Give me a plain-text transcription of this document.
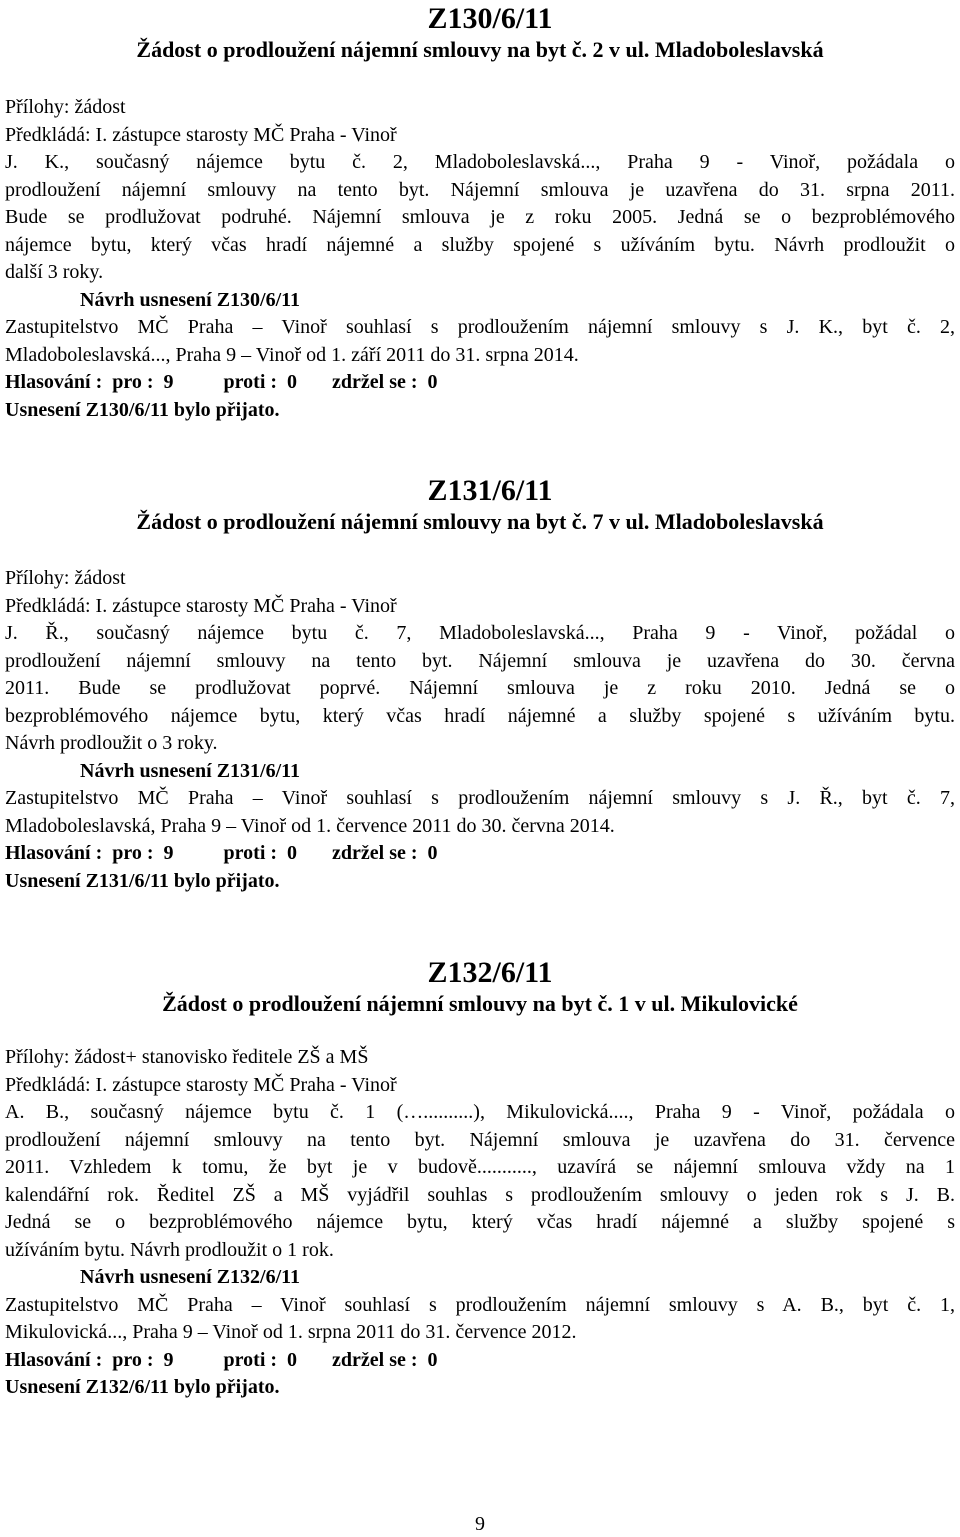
Z130/6/11
Žádost o prodloužení nájemní smlouvy na byt č. 2 v ul. Mladoboleslavská
Přílohy: žádost
Předkládá: I. zástupce starosty MČ Praha - Vinoř
J. K., současný nájemce bytu č. 2, Mladoboleslavská..., Praha 9 - Vinoř, požádala o
prodloužení nájemní smlouvy na tento byt. Nájemní smlouva je uzavřena do 31. srpna 2011.
Bude se prodlužovat podruhé. Nájemní smlouva je z roku 2005. Jedná se o bezproblémového
nájemce bytu, který včas hradí nájemné a služby spojené s užíváním bytu. Návrh prodloužit o
další 3 roky.
Návrh usnesení Z130/6/11
Zastupitelstvo MČ Praha – Vinoř souhlasí s prodloužením nájemní smlouvy s J. K., byt č. 2,
Mladoboleslavská..., Praha 9 – Vinoř od 1. září 2011 do 31. srpna 2014.
Hlasování :  pro :  9          proti :  0       zdržel se :  0
Usnesení Z130/6/11 bylo přijato.
Z131/6/11
Žádost o prodloužení nájemní smlouvy na byt č. 7 v ul. Mladoboleslavská
Přílohy: žádost
Předkládá: I. zástupce starosty MČ Praha - Vinoř
J. Ř., současný nájemce bytu č. 7, Mladoboleslavská..., Praha 9 - Vinoř, požádal o
prodloužení nájemní smlouvy na tento byt. Nájemní smlouva je uzavřena do 30. června
2011. Bude se prodlužovat poprvé. Nájemní smlouva je z roku 2010. Jedná se o
bezproblémového nájemce bytu, který včas hradí nájemné a služby spojené s užíváním bytu.
Návrh prodloužit o 3 roky.
Návrh usnesení Z131/6/11
Zastupitelstvo MČ Praha – Vinoř souhlasí s prodloužením nájemní smlouvy s J. Ř., byt č. 7,
Mladoboleslavská, Praha 9 – Vinoř od 1. července 2011 do 30. června 2014.
Hlasování :  pro :  9          proti :  0       zdržel se :  0
Usnesení Z131/6/11 bylo přijato.
Z132/6/11
Žádost o prodloužení nájemní smlouvy na byt č. 1 v ul. Mikulovické
Přílohy: žádost+ stanovisko ředitele ZŠ a MŠ
Předkládá: I. zástupce starosty MČ Praha - Vinoř
A. B., současný nájemce bytu č. 1 (…..........), Mikulovická...., Praha 9 - Vinoř, požádala o
prodloužení nájemní smlouvy na tento byt. Nájemní smlouva je uzavřena do 31. července
2011. Vzhledem k tomu, že byt je v budově..........., uzavírá se nájemní smlouva vždy na 1
kalendářní rok. Ředitel ZŠ a MŠ vyjádřil souhlas s prodloužením smlouvy o jeden rok s J. B.
Jedná se o bezproblémového nájemce bytu, který včas hradí nájemné a služby spojené s
užíváním bytu. Návrh prodloužit o 1 rok.
Návrh usnesení Z132/6/11
Zastupitelstvo MČ Praha – Vinoř souhlasí s prodloužením nájemní smlouvy s A. B., byt č. 1,
Mikulovická..., Praha 9 – Vinoř od 1. srpna 2011 do 31. července 2012.
Hlasování :  pro :  9          proti :  0       zdržel se :  0
Usnesení Z132/6/11 bylo přijato.
9
